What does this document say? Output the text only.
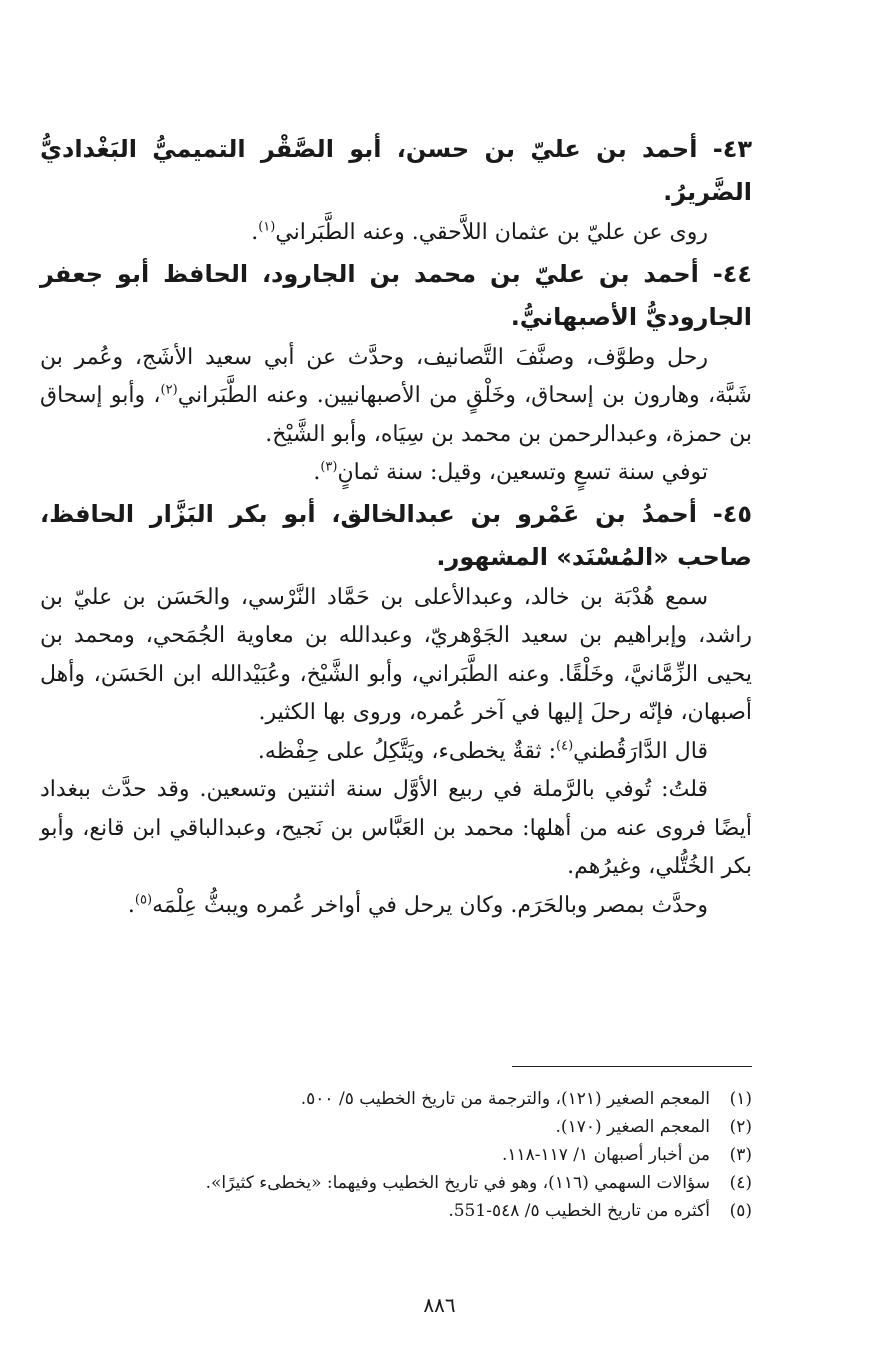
٤٣- أحمد بن عليّ بن حسن، أبو الصَّقْر التميميُّ البَغْداديُّ الضَّريرُ.

روى عن عليّ بن عثمان اللاَّحقي. وعنه الطَّبَراني$^{(١)}$.

٤٤- أحمد بن عليّ بن محمد بن الجارود، الحافظ أبو جعفر الجاروديُّ الأصبهانيُّ.

رحل وطوَّف، وصنَّفَ التَّصانيف، وحدَّث عن أبي سعيد الأشَج، وعُمر بن شَبَّة، وهارون بن إسحاق، وخَلْقٍ من الأصبهانيين. وعنه الطَّبَراني$^{(٢)}$، وأبو إسحاق بن حمزة، وعبدالرحمن بن محمد بن سِيَاه، وأبو الشَّيْخ.

توفي سنة تسعٍ وتسعين، وقيل: سنة ثمانٍ$^{(٣)}$.

٤٥- أحمدُ بن عَمْرو بن عبدالخالق، أبو بكر البَزَّار الحافظ، صاحب «المُسْنَد» المشهور.

سمع هُدْبَة بن خالد، وعبدالأعلى بن حَمَّاد النَّرْسي، والحَسَن بن عليّ بن راشد، وإبراهيم بن سعيد الجَوْهريّ، وعبدالله بن معاوية الجُمَحي، ومحمد بن يحيى الزِّمَّانيَّ، وخَلْقًا. وعنه الطَّبَراني، وأبو الشَّيْخ، وعُبَيْدالله ابن الحَسَن، وأهل أصبهان، فإنّه رحلَ إليها في آخر عُمره، وروى بها الكثير.

قال الدَّارَقُطني$^{(٤)}$: ثقةٌ يخطىء، ويَتَّكِلُ على حِفْظه.

قلتُ: تُوفي بالرَّملة في ربيع الأوَّل سنة اثنتين وتسعين. وقد حدَّث ببغداد أيضًا فروى عنه من أهلها: محمد بن العَبَّاس بن نَجيح، وعبدالباقي ابن قانع، وأبو بكر الخُتُّلي، وغيرُهم.

وحدَّث بمصر وبالحَرَم. وكان يرحل في أواخر عُمره ويبثُّ عِلْمَه$^{(٥)}$.

(١)المعجم الصغير (١٢١)، والترجمة من تاريخ الخطيب ٥/ ٥٠٠.
(٢)المعجم الصغير (١٧٠).
(٣)من أخبار أصبهان ١/ ١١٧-١١٨.
(٤)سؤالات السهمي (١١٦)، وهو في تاريخ الخطيب وفيهما: «يخطىء كثيرًا».
(٥)أكثره من تاريخ الخطيب ٥/ ٥٤٨-551.
٨٨٦
